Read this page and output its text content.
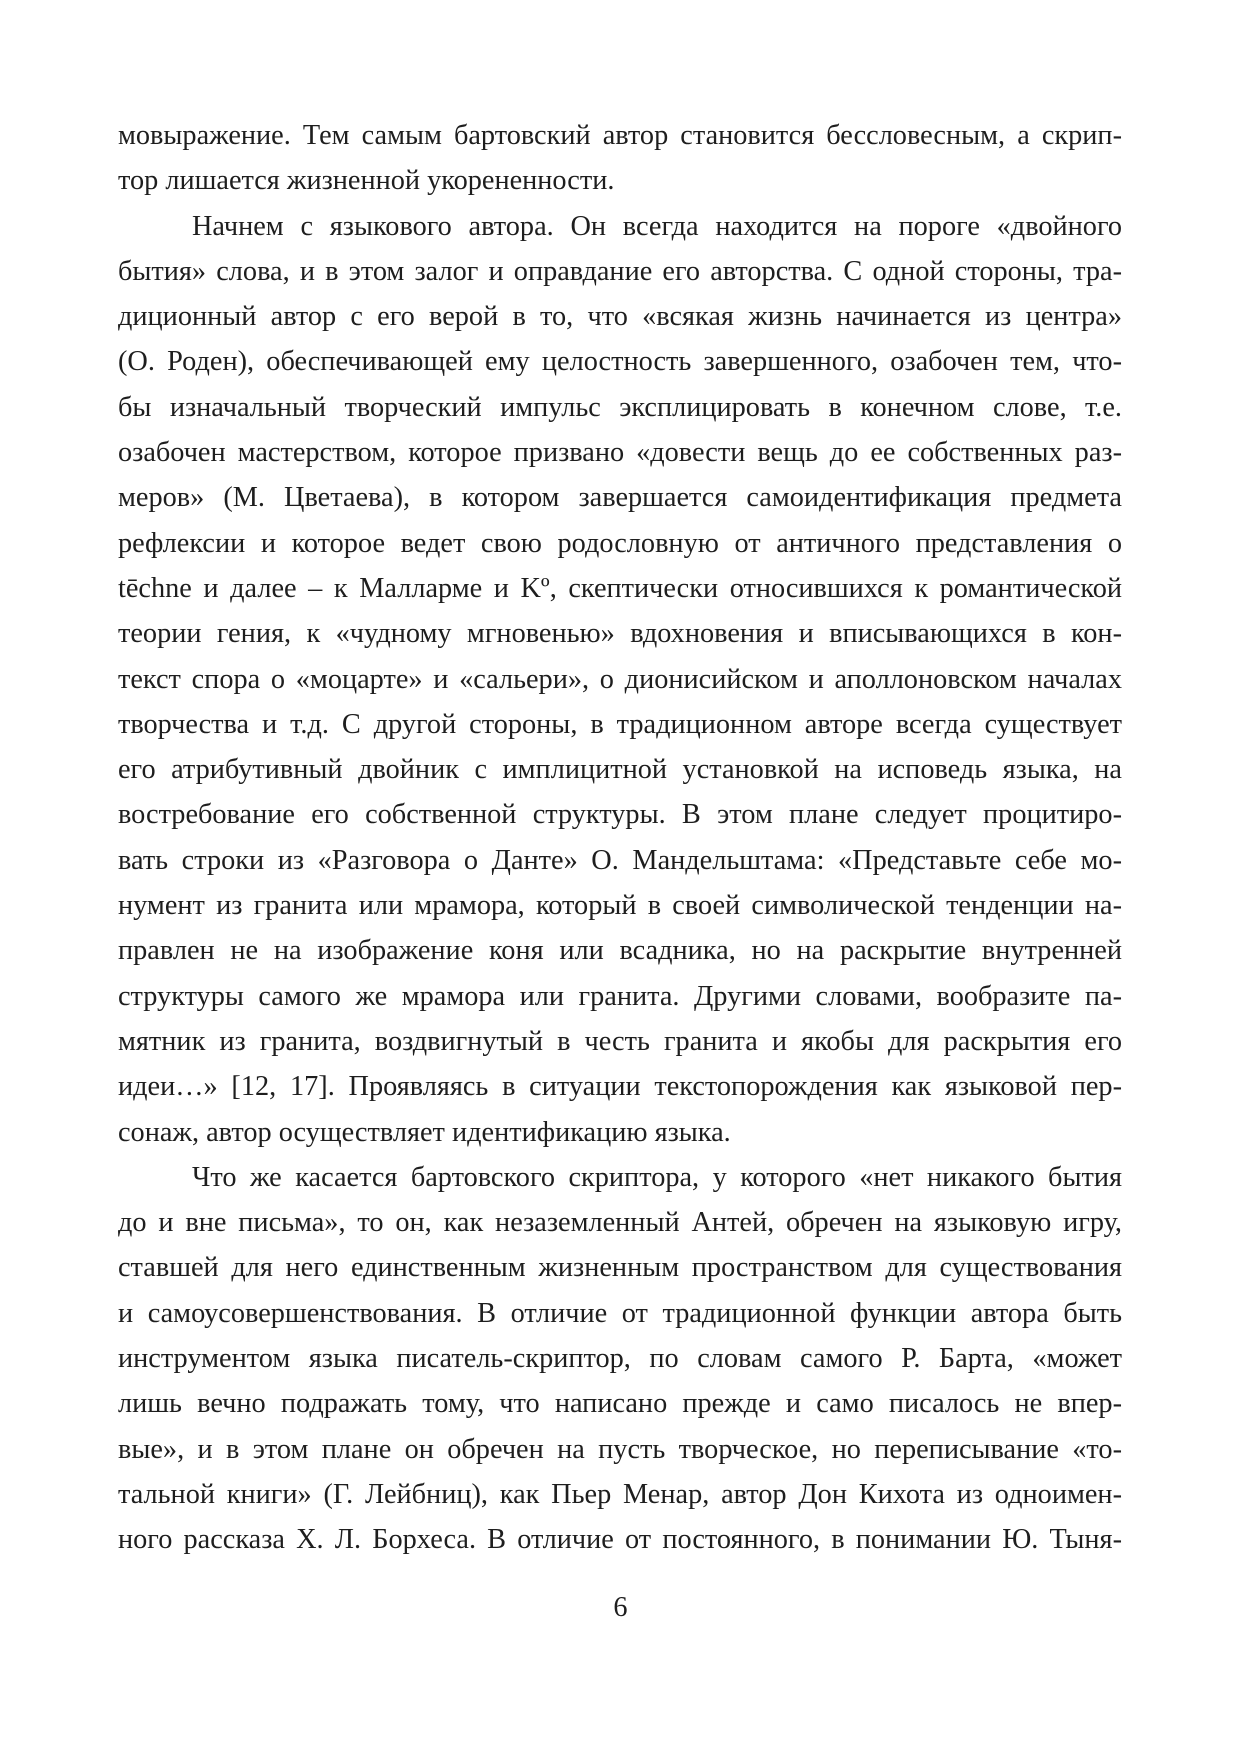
мовыражение. Тем самым бартовский автор становится бессловесным, а скрип-
тор лишается жизненной укорененности.
Начнем с языкового автора. Он всегда находится на пороге «двойного
бытия» слова, и в этом залог и оправдание его авторства. С одной стороны, тра-
диционный автор с его верой в то, что «всякая жизнь начинается из центра»
(О. Роден), обеспечивающей ему целостность завершенного, озабочен тем, что-
бы изначальный творческий импульс эксплицировать в конечном слове, т.е.
озабочен мастерством, которое призвано «довести вещь до ее собственных раз-
меров» (М. Цветаева), в котором завершается самоидентификация предмета
рефлексии и которое ведет свою родословную от античного представления о
tēchne и далее – к Малларме и Kº, скептически относившихся к романтической
теории гения, к «чудному мгновенью» вдохновения и вписывающихся в кон-
текст спора о «моцарте» и «сальери», о дионисийском и аполлоновском началах
творчества и т.д. С другой стороны, в традиционном авторе всегда существует
его атрибутивный двойник с имплицитной установкой на исповедь языка, на
востребование его собственной структуры. В этом плане следует процитиро-
вать строки из «Разговора о Данте» О. Мандельштама: «Представьте себе мо-
нумент из гранита или мрамора, который в своей символической тенденции на-
правлен не на изображение коня или всадника, но на раскрытие внутренней
структуры самого же мрамора или гранита. Другими словами, вообразите па-
мятник из гранита, воздвигнутый в честь гранита и якобы для раскрытия его
идеи…» [12, 17]. Проявляясь в ситуации текстопорождения как языковой пер-
сонаж, автор осуществляет идентификацию языка.
Что же касается бартовского скриптора, у которого «нет никакого бытия
до и вне письма», то он, как незаземленный Антей, обречен на языковую игру,
ставшей для него единственным жизненным пространством для существования
и самоусовершенствования. В отличие от традиционной функции автора быть
инструментом языка писатель-скриптор, по словам самого Р. Барта, «может
лишь вечно подражать тому, что написано прежде и само писалось не впер-
вые», и в этом плане он обречен на пусть творческое, но переписывание «то-
тальной книги» (Г. Лейбниц), как Пьер Менар, автор Дон Кихота из одноимен-
ного рассказа Х. Л. Борхеса. В отличие от постоянного, в понимании Ю. Тыня-
6
